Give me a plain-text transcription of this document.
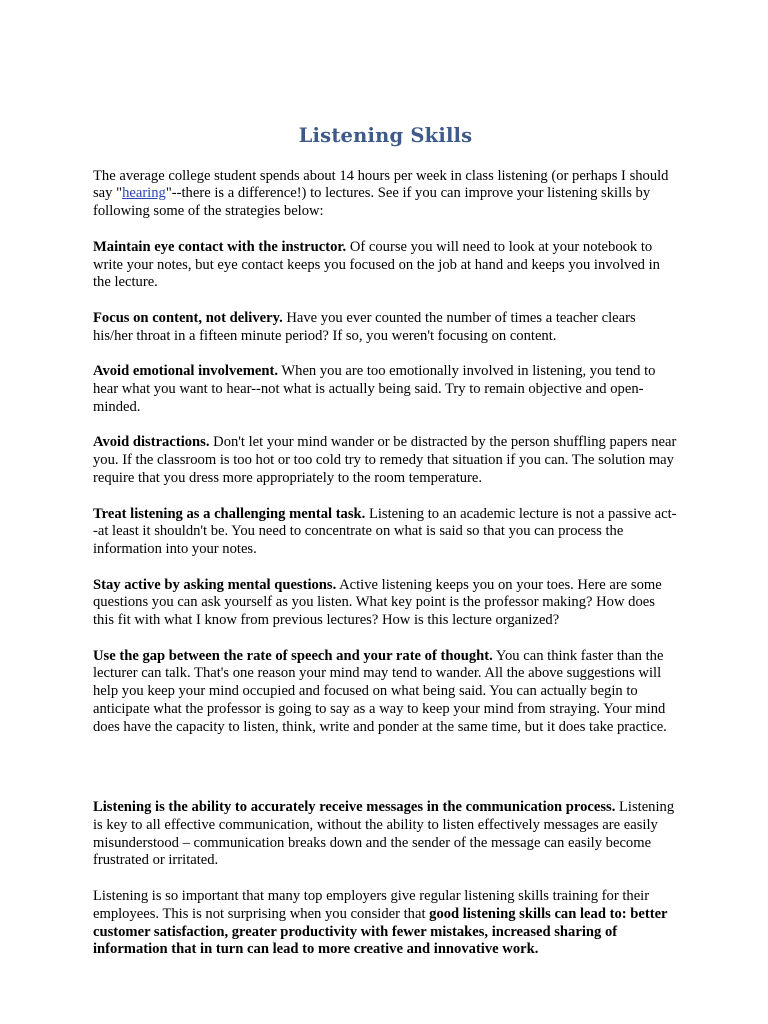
Listening Skills

The average college student spends about 14 hours per week in class listening (or perhaps I should say "hearing"--there is a difference!) to lectures. See if you can improve your listening skills by following some of the strategies below:

Maintain eye contact with the instructor. Of course you will need to look at your notebook to write your notes, but eye contact keeps you focused on the job at hand and keeps you involved in the lecture.

Focus on content, not delivery. Have you ever counted the number of times a teacher clears his/her throat in a fifteen minute period? If so, you weren't focusing on content.

Avoid emotional involvement. When you are too emotionally involved in listening, you tend to hear what you want to hear--not what is actually being said. Try to remain objective and open-minded.

Avoid distractions. Don't let your mind wander or be distracted by the person shuffling papers near you. If the classroom is too hot or too cold try to remedy that situation if you can. The solution may require that you dress more appropriately to the room temperature.

Treat listening as a challenging mental task. Listening to an academic lecture is not a passive act--at least it shouldn't be. You need to concentrate on what is said so that you can process the information into your notes.

Stay active by asking mental questions. Active listening keeps you on your toes. Here are some questions you can ask yourself as you listen. What key point is the professor making? How does this fit with what I know from previous lectures? How is this lecture organized?

Use the gap between the rate of speech and your rate of thought. You can think faster than the lecturer can talk. That's one reason your mind may tend to wander. All the above suggestions will help you keep your mind occupied and focused on what being said. You can actually begin to anticipate what the professor is going to say as a way to keep your mind from straying. Your mind does have the capacity to listen, think, write and ponder at the same time, but it does take practice.

Listening is the ability to accurately receive messages in the communication process. Listening is key to all effective communication, without the ability to listen effectively messages are easily misunderstood – communication breaks down and the sender of the message can easily become frustrated or irritated.

Listening is so important that many top employers give regular listening skills training for their employees. This is not surprising when you consider that good listening skills can lead to: better customer satisfaction, greater productivity with fewer mistakes, increased sharing of information that in turn can lead to more creative and innovative work.
